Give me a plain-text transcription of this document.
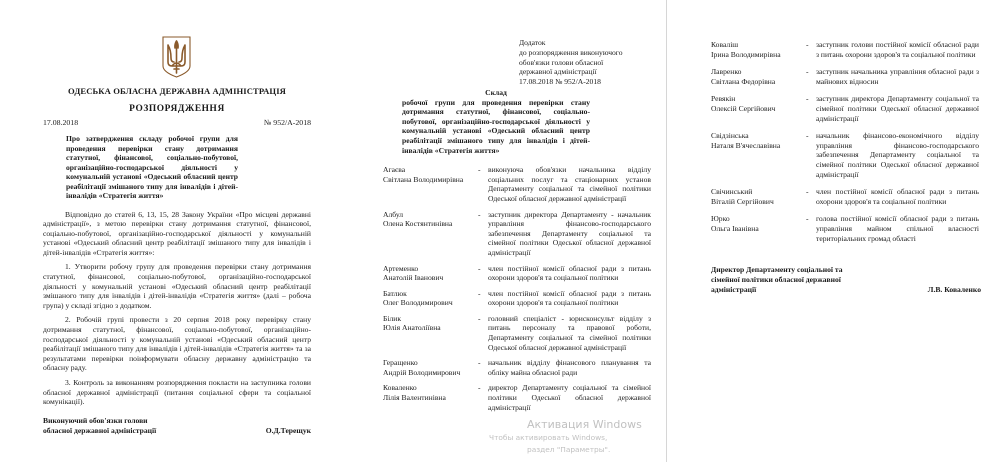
ОДЕСЬКА ОБЛАСНА ДЕРЖАВНА АДМІНІСТРАЦІЯ
РОЗПОРЯДЖЕННЯ
17.08.2018	№ 952/А-2018
Про затвердження складу робочої групи для проведення перевірки стану дотримання статутної, фінансової, соціально-побутової, організаційно-господарської діяльності у комунальній установі «Одеський обласний центр реабілітації змішаного типу для інвалідів і дітей-інвалідів «Стратегія життя»
Відповідно до статей 6, 13, 15, 28 Закону України «Про місцеві державні адміністрації», з метою перевірки стану дотримання статутної, фінансової, соціально-побутової, організаційно-господарської діяльності у комунальній установі «Одеський обласний центр реабілітації змішаного типу для інвалідів і дітей-інвалідів «Стратегія життя»:
1. Утворити робочу групу для проведення перевірки стану дотримання статутної, фінансової, соціально-побутової, організаційно-господарської діяльності у комунальній установі «Одеський обласний центр реабілітації змішаного типу для інвалідів і дітей-інвалідів «Стратегія життя» (далі – робоча група) у складі згідно з додатком.
2. Робочій групі провести з 20 серпня 2018 року перевірку стану дотримання статутної, фінансової, соціально-побутової, організаційно-господарської діяльності у комунальній установі «Одеський обласний центр реабілітації змішаного типу для інвалідів і дітей-інвалідів «Стратегія життя» та за результатами перевірки поінформувати обласну державну адміністрацію та обласну раду.
3. Контроль за виконанням розпорядження покласти на заступника голови обласної державної адміністрації (питання соціальної сфери та соціальної комунікації).
Виконуючий обов'язки голови
обласної державної адміністрації	О.Д.Терещук
Додаток
до розпорядження виконуючого
обов'язки голови обласної
державної адміністрації
17.08.2018 № 952/А-2018
Склад
робочої групи для проведення перевірки стану дотримання статутної, фінансової, соціально-побутової, організаційно-господарської діяльності у комунальній установі «Одеський обласний центр реабілітації змішаного типу для інвалідів і дітей-інвалідів «Стратегія життя»
Агаєва
Світлана Володимирівна
- виконуюча обов'язки начальника відділу соціальних послуг та стаціонарних установ Департаменту соціальної та сімейної політики Одеської обласної державної адміністрації
Албул
Олена Костянтинівна
- заступник директора Департаменту - начальник управління фінансово-господарського забезпечення Департаменту соціальної та сімейної політики Одеської обласної державної адміністрації
Артеменко
Анатолій Іванович
- член постійної комісії обласної ради з питань охорони здоров'я та соціальної політики
Батлюк
Олег Володимирович
- член постійної комісії обласної ради з питань охорони здоров'я та соціальної політики
Білик
Юлія Анатоліївна
- головний спеціаліст - юрисконсульт відділу з питань персоналу та правової роботи, Департаменту соціальної та сімейної політики Одеської обласної державної адміністрації
Геращенко
Андрій Володимирович
- начальник відділу фінансового планування та обліку майна обласної ради
Коваленко
Лілія Валентинівна
- директор Департаменту соціальної та сімейної політики Одеської обласної державної адміністрації
Коваліш
Ірина Володимирівна
- заступник голови постійної комісії обласної ради з питань охорони здоров'я та соціальної політики
Лавренко
Світлана Федорівна
- заступник начальника управління обласної ради з майнових відносин
Ревякін
Олексій Сергійович
- заступник директора Департаменту соціальної та сімейної політики Одеської обласної державної адміністрації
Свідзінська
Наталя В'ячеславівна
- начальник фінансово-економічного відділу управління фінансово-господарського забезпечення Департаменту соціальної та сімейної політики Одеської обласної державної адміністрації
Свічинський
Віталій Сергійович
- член постійної комісії обласної ради з питань охорони здоров'я та соціальної політики
Юрко
Ольга Іванівна
- голова постійної комісії обласної ради з питань управління майном спільної власності територіальних громад області
Директор Департаменту соціальної та
сімейної політики обласної державної
адміністрації	Л.В. Коваленко
Активация Windows
Чтобы активировать Windows,
раздел "Параметры".
